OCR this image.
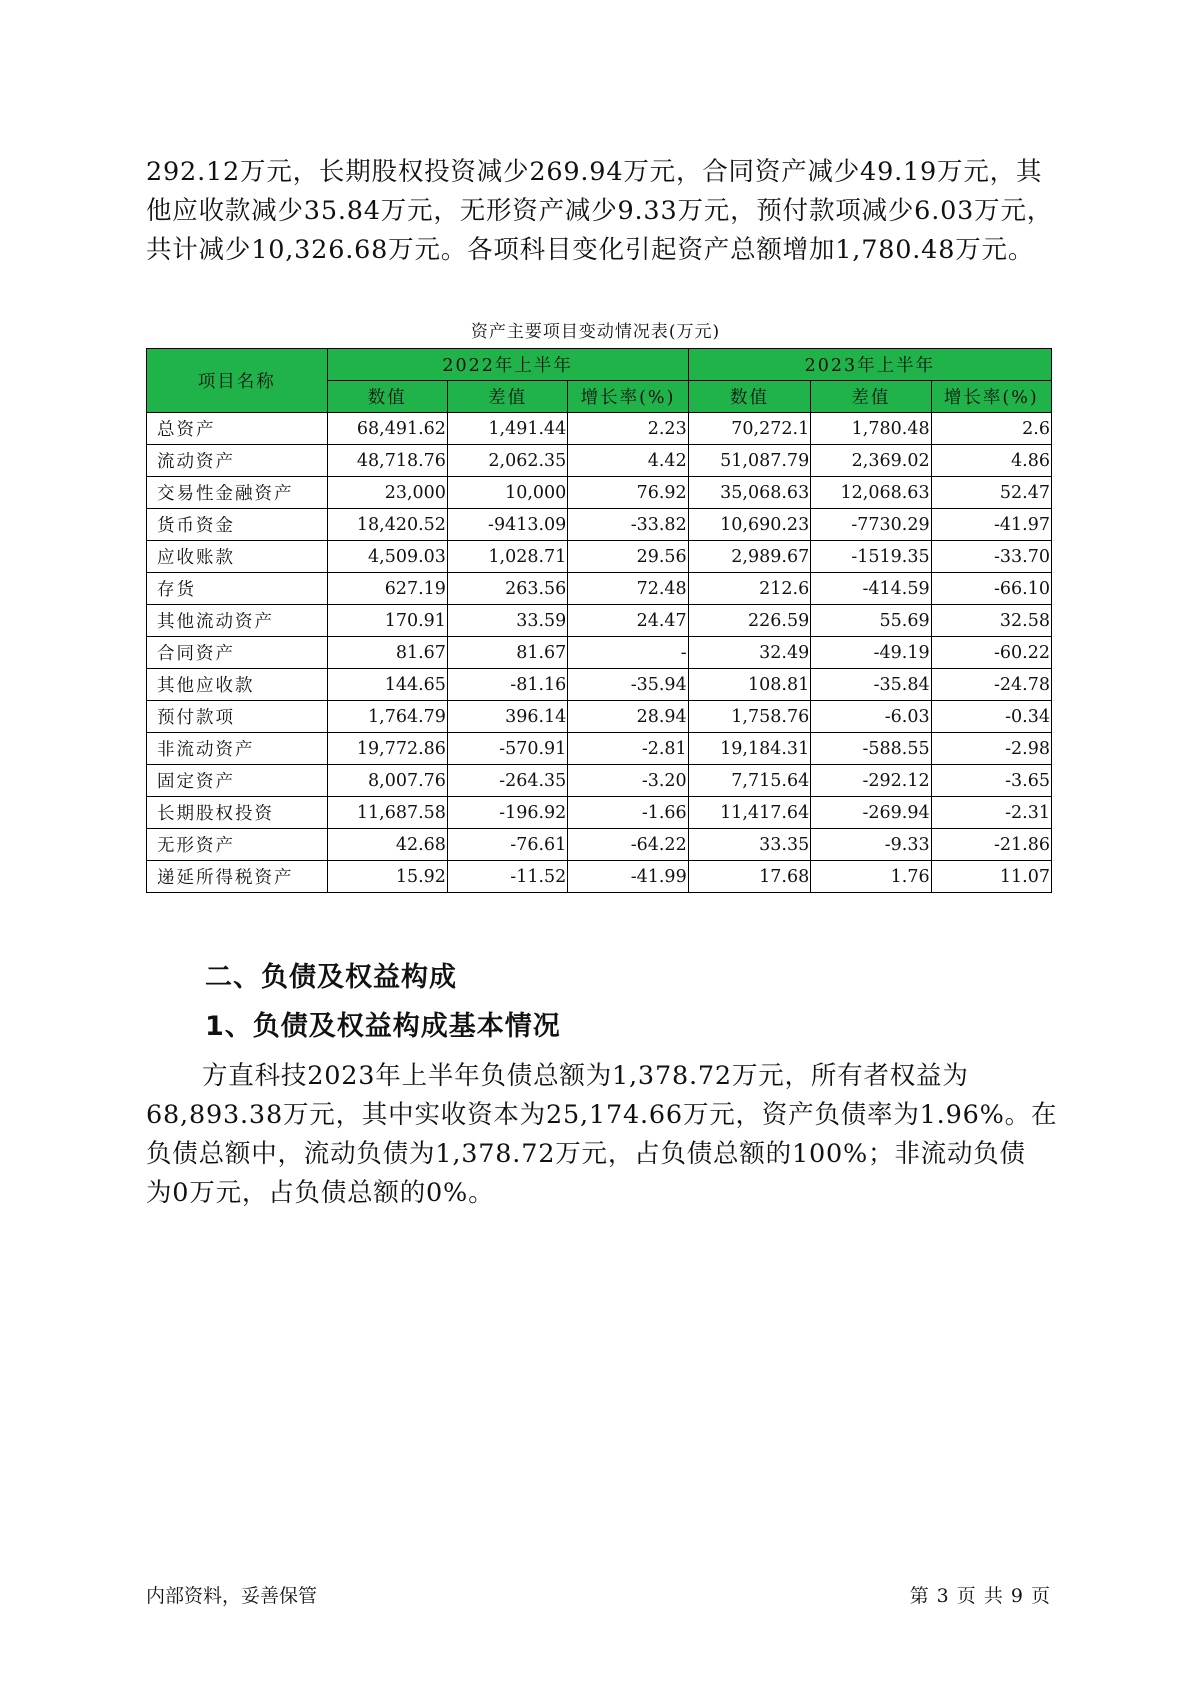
292.12万元，长期股权投资减少269.94万元，合同资产减少49.19万元，其
他应收款减少35.84万元，无形资产减少9.33万元，预付款项减少6.03万元，
共计减少10,326.68万元。各项科目变化引起资产总额增加1,780.48万元。
资产主要项目变动情况表(万元)
项目名称	2022年上半年			2023年上半年		
	数值	差值	增长率(%)	数值	差值	增长率(%)
总资产	68,491.62	1,491.44	2.23	70,272.1	1,780.48	2.6
流动资产	48,718.76	2,062.35	4.42	51,087.79	2,369.02	4.86
交易性金融资产	23,000	10,000	76.92	35,068.63	12,068.63	52.47
货币资金	18,420.52	-9413.09	-33.82	10,690.23	-7730.29	-41.97
应收账款	4,509.03	1,028.71	29.56	2,989.67	-1519.35	-33.70
存货	627.19	263.56	72.48	212.6	-414.59	-66.10
其他流动资产	170.91	33.59	24.47	226.59	55.69	32.58
合同资产	81.67	81.67	-	32.49	-49.19	-60.22
其他应收款	144.65	-81.16	-35.94	108.81	-35.84	-24.78
预付款项	1,764.79	396.14	28.94	1,758.76	-6.03	-0.34
非流动资产	19,772.86	-570.91	-2.81	19,184.31	-588.55	-2.98
固定资产	8,007.76	-264.35	-3.20	7,715.64	-292.12	-3.65
长期股权投资	11,687.58	-196.92	-1.66	11,417.64	-269.94	-2.31
无形资产	42.68	-76.61	-64.22	33.35	-9.33	-21.86
递延所得税资产	15.92	-11.52	-41.99	17.68	1.76	11.07
二、负债及权益构成
1、负债及权益构成基本情况
方直科技2023年上半年负债总额为1,378.72万元，所有者权益为
68,893.38万元，其中实收资本为25,174.66万元，资产负债率为1.96%。在
负债总额中，流动负债为1,378.72万元，占负债总额的100%；非流动负债
为0万元，占负债总额的0%。
内部资料，妥善保管	第 3 页 共 9 页
